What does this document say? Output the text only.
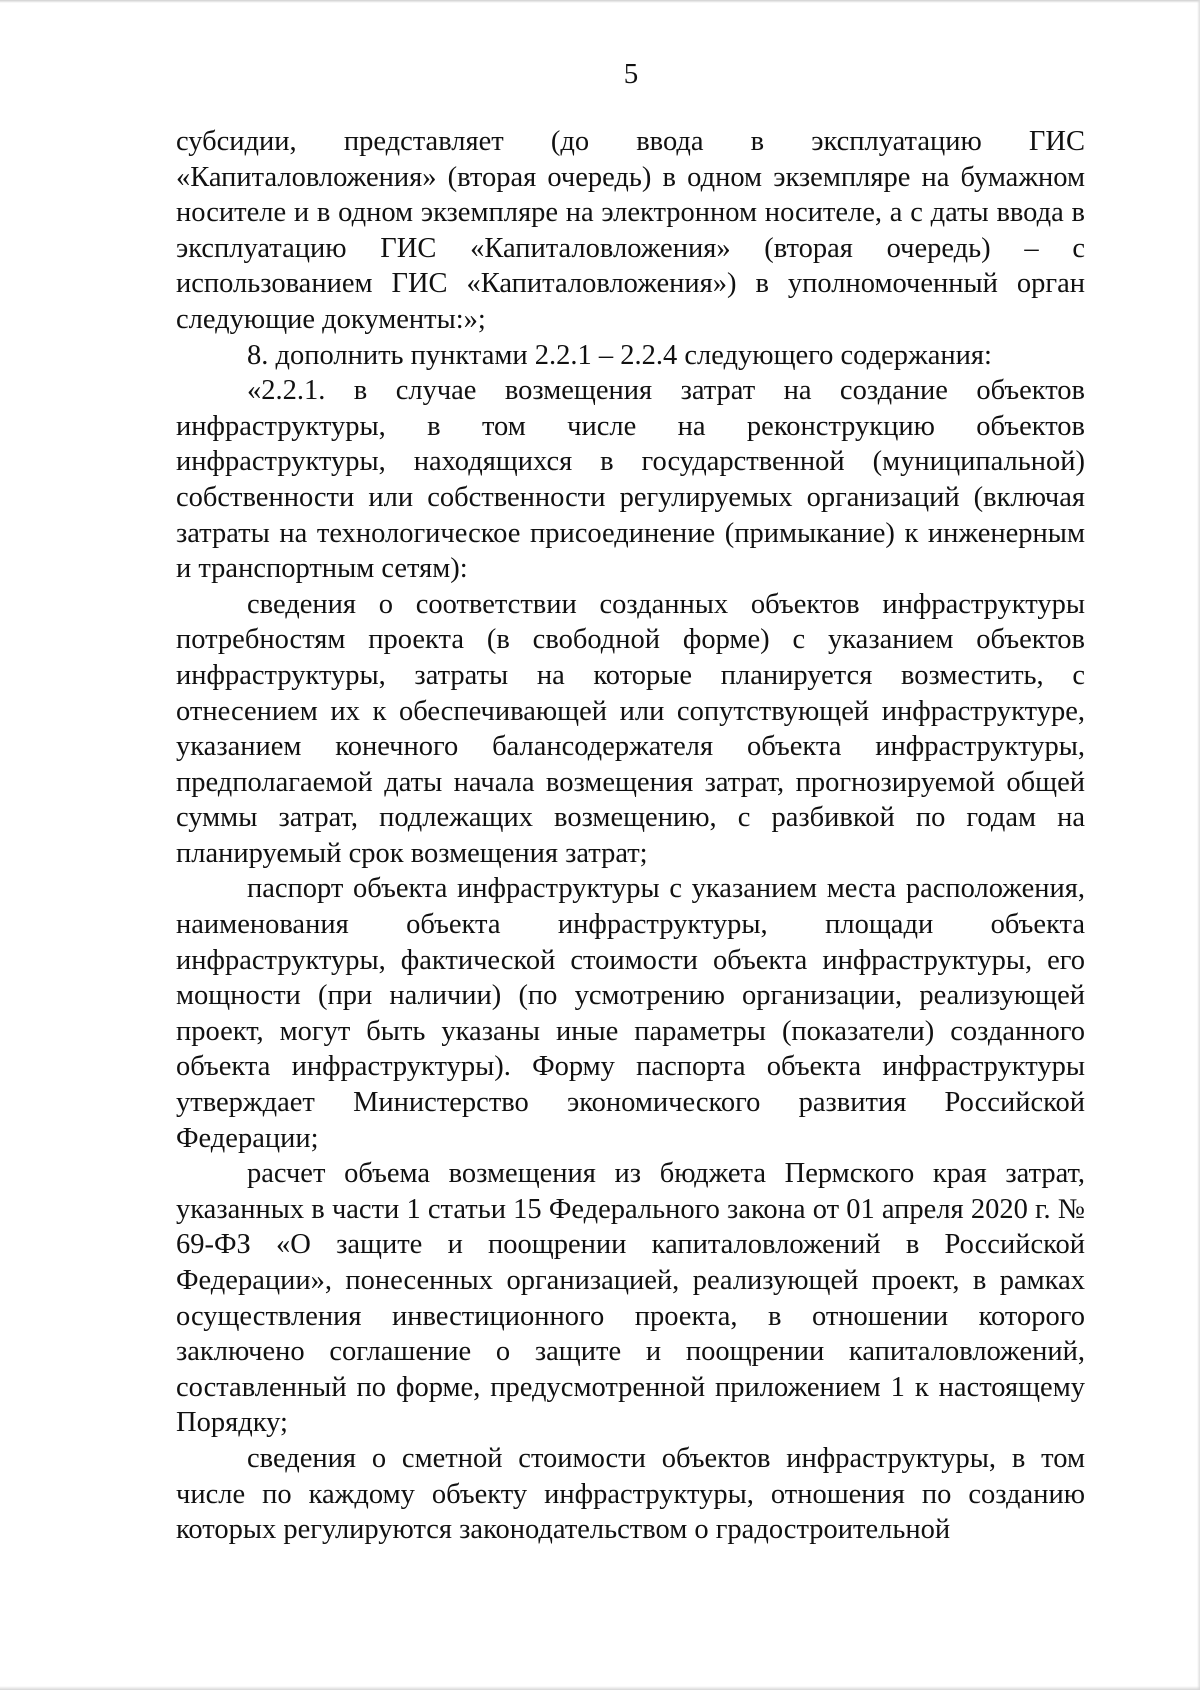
5

субсидии, представляет (до ввода в эксплуатацию ГИС «Капиталовложения» (вторая очередь) в одном экземпляре на бумажном носителе и в одном экземпляре на электронном носителе, а с даты ввода в эксплуатацию ГИС «Капиталовложения» (вторая очередь) – с использованием ГИС «Капиталовложения») в уполномоченный орган следующие документы:»;

8. дополнить пунктами 2.2.1 – 2.2.4 следующего содержания:

«2.2.1. в случае возмещения затрат на создание объектов инфраструктуры, в том числе на реконструкцию объектов инфраструктуры, находящихся в государственной (муниципальной) собственности или собственности регулируемых организаций (включая затраты на технологическое присоединение (примыкание) к инженерным и транспортным сетям):

сведения о соответствии созданных объектов инфраструктуры потребностям проекта (в свободной форме) с указанием объектов инфраструктуры, затраты на которые планируется возместить, с отнесением их к обеспечивающей или сопутствующей инфраструктуре, указанием конечного балансодержателя объекта инфраструктуры, предполагаемой даты начала возмещения затрат, прогнозируемой общей суммы затрат, подлежащих возмещению, с разбивкой по годам на планируемый срок возмещения затрат;

паспорт объекта инфраструктуры с указанием места расположения, наименования объекта инфраструктуры, площади объекта инфраструктуры, фактической стоимости объекта инфраструктуры, его мощности (при наличии) (по усмотрению организации, реализующей проект, могут быть указаны иные параметры (показатели) созданного объекта инфраструктуры). Форму паспорта объекта инфраструктуры утверждает Министерство экономического развития Российской Федерации;

расчет объема возмещения из бюджета Пермского края затрат, указанных в части 1 статьи 15 Федерального закона от 01 апреля 2020 г. № 69-ФЗ «О защите и поощрении капиталовложений в Российской Федерации», понесенных организацией, реализующей проект, в рамках осуществления инвестиционного проекта, в отношении которого заключено соглашение о защите и поощрении капиталовложений, составленный по форме, предусмотренной приложением 1 к настоящему Порядку;

сведения о сметной стоимости объектов инфраструктуры, в том числе по каждому объекту инфраструктуры, отношения по созданию которых регулируются законодательством о градостроительной
